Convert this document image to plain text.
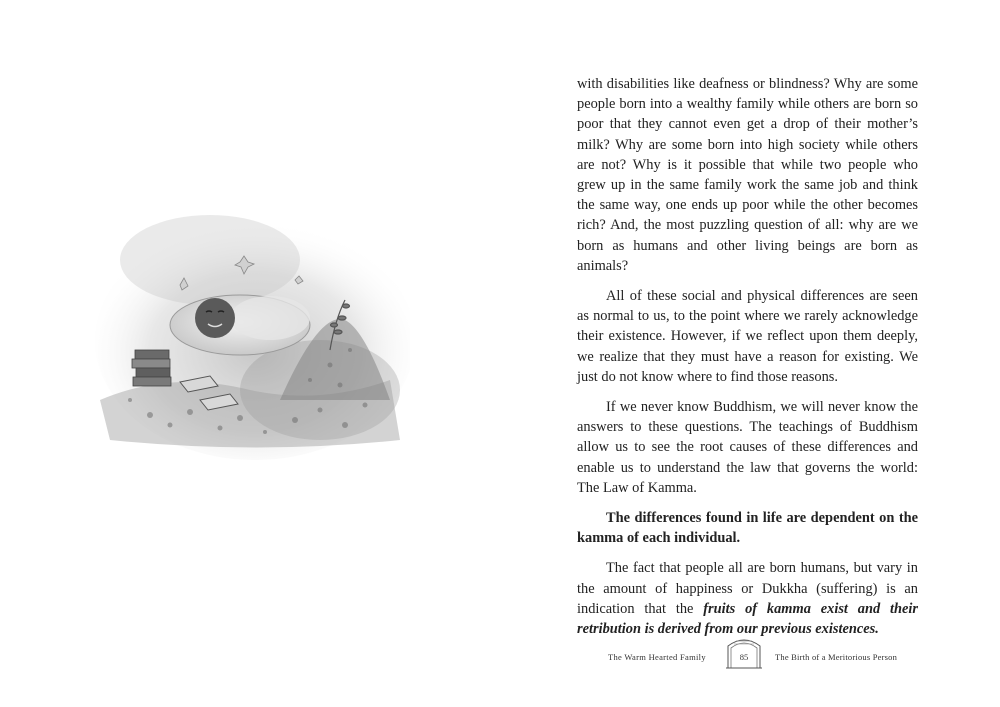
with disabilities like deafness or blindness? Why are some people born into a wealthy family while others are born so poor that they cannot even get a drop of their mother’s milk? Why are some born into high society while others are not? Why is it possible that while two people who grew up in the same family work the same job and think the same way, one ends up poor while the other becomes rich? And, the most puzzling question of all: why are we born as humans and other living beings are born as animals?

All of these social and physical differences are seen as normal to us, to the point where we rarely acknowledge their existence. However, if we reflect upon them deeply, we realize that they must have a reason for existing. We just do not know where to find those reasons.

If we never know Buddhism, we will never know the answers to these questions. The teachings of Buddhism allow us to see the root causes of these differences and enable us to understand the law that governs the world: The Law of Kamma.

The differences found in life are dependent on the kamma of each individual.

The fact that people all are born humans, but vary in the amount of happiness or Dukkha (suffering) is an indication that the fruits of kamma exist and their retribution is derived from our previous existences.

The Warm Hearted Family	85	The Birth of a Meritorious Person
